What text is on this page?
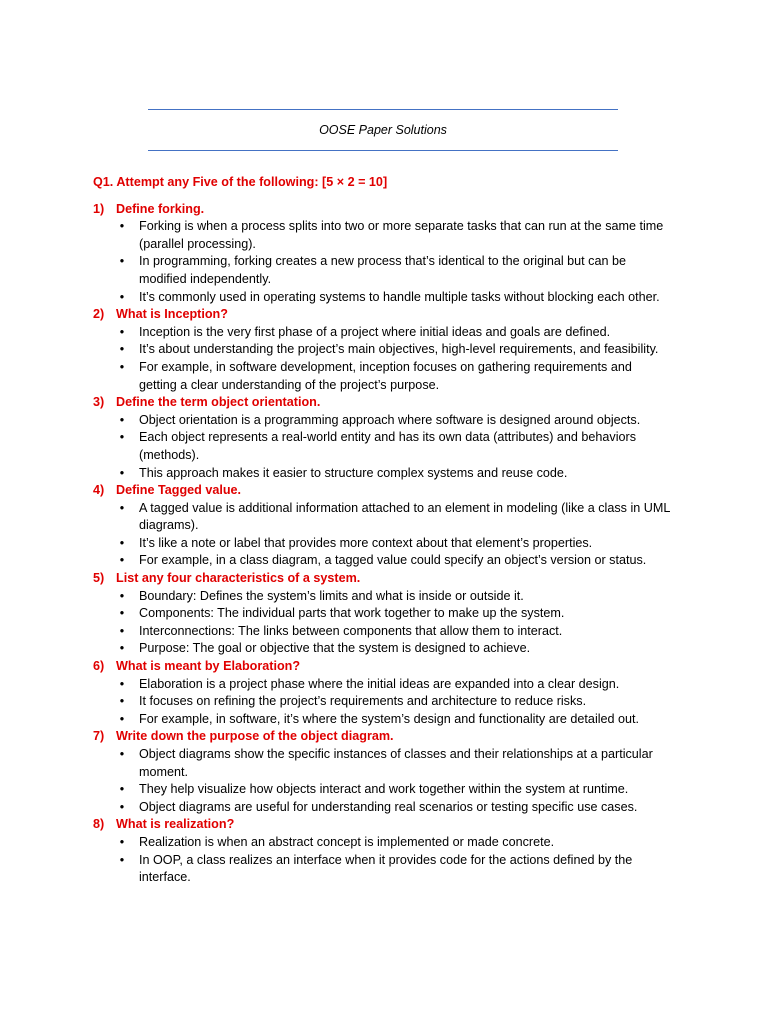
OOSE Paper Solutions
Q1. Attempt any Five of the following: [5 × 2 = 10]
1) Define forking.
• Forking is when a process splits into two or more separate tasks that can run at the same time (parallel processing).
• In programming, forking creates a new process that’s identical to the original but can be modified independently.
• It’s commonly used in operating systems to handle multiple tasks without blocking each other.
2) What is Inception?
• Inception is the very first phase of a project where initial ideas and goals are defined.
• It’s about understanding the project’s main objectives, high-level requirements, and feasibility.
• For example, in software development, inception focuses on gathering requirements and getting a clear understanding of the project’s purpose.
3) Define the term object orientation.
• Object orientation is a programming approach where software is designed around objects.
• Each object represents a real-world entity and has its own data (attributes) and behaviors (methods).
• This approach makes it easier to structure complex systems and reuse code.
4) Define Tagged value.
• A tagged value is additional information attached to an element in modeling (like a class in UML diagrams).
• It’s like a note or label that provides more context about that element’s properties.
• For example, in a class diagram, a tagged value could specify an object’s version or status.
5) List any four characteristics of a system.
• Boundary: Defines the system’s limits and what is inside or outside it.
• Components: The individual parts that work together to make up the system.
• Interconnections: The links between components that allow them to interact.
• Purpose: The goal or objective that the system is designed to achieve.
6) What is meant by Elaboration?
• Elaboration is a project phase where the initial ideas are expanded into a clear design.
• It focuses on refining the project’s requirements and architecture to reduce risks.
• For example, in software, it’s where the system’s design and functionality are detailed out.
7) Write down the purpose of the object diagram.
• Object diagrams show the specific instances of classes and their relationships at a particular moment.
• They help visualize how objects interact and work together within the system at runtime.
• Object diagrams are useful for understanding real scenarios or testing specific use cases.
8) What is realization?
• Realization is when an abstract concept is implemented or made concrete.
• In OOP, a class realizes an interface when it provides code for the actions defined by the interface.
